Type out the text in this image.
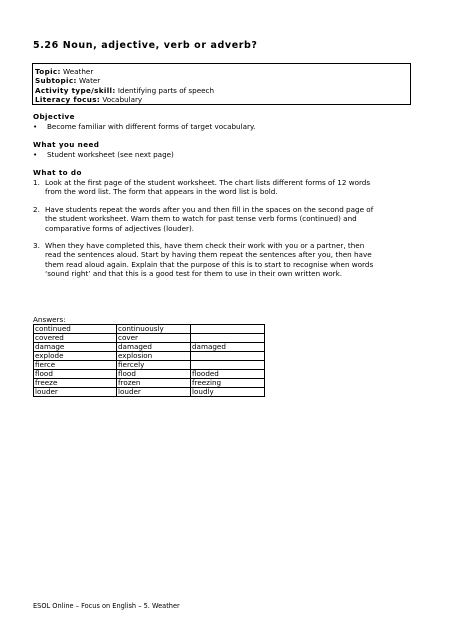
5.26 Noun, adjective, verb or adverb?
Topic: Weather
Subtopic: Water
Activity type/skill: Identifying parts of speech
Literacy focus: Vocabulary
Objective
• Become familiar with different forms of target vocabulary.
What you need
• Student worksheet (see next page)
What to do
1. Look at the first page of the student worksheet. The chart lists different forms of 12 words
from the word list. The form that appears in the word list is bold.
2. Have students repeat the words after you and then fill in the spaces on the second page of
the student worksheet. Warn them to watch for past tense verb forms (continued) and
comparative forms of adjectives (louder).
3. When they have completed this, have them check their work with you or a partner, then
read the sentences aloud. Start by having them repeat the sentences after you, then have
them read aloud again. Explain that the purpose of this is to start to recognise when words
‘sound right’ and that this is a good test for them to use in their own written work.
Answers:
continued	continuously	
covered	cover	
damage	damaged	damaged
explode	explosion	
fierce	fiercely	
flood	flood	flooded
freeze	frozen	freezing
louder	louder	loudly
ESOL Online – Focus on English – 5. Weather
